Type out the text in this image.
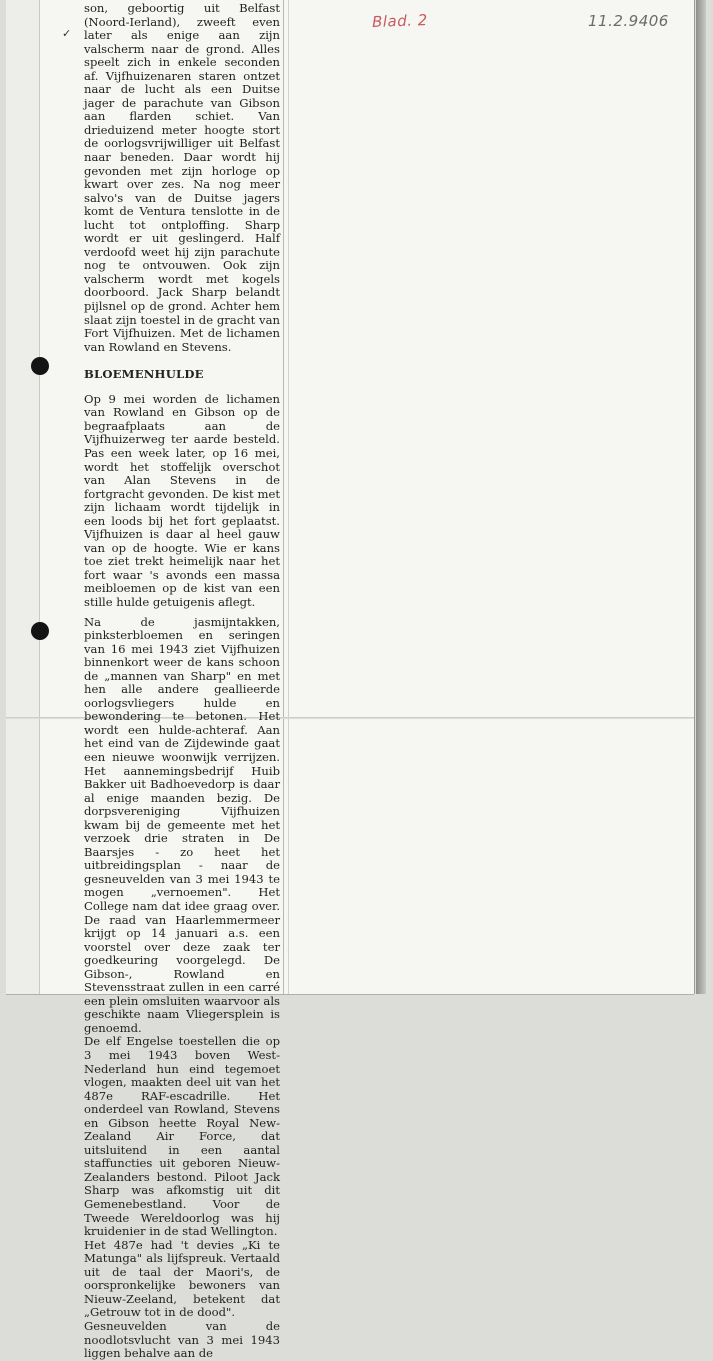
✓
Blad. 2	11.2.9406

son, geboortig uit Belfast (Noord-Ierland), zweeft even later als enige aan zijn valscherm naar de grond. Alles speelt zich in enkele seconden af. Vijfhuizenaren staren ontzet naar de lucht als een Duitse jager de parachute van Gibson aan flarden schiet. Van drieduizend meter hoogte stort de oorlogsvrijwilliger uit Belfast naar beneden. Daar wordt hij gevonden met zijn horloge op kwart over zes. Na nog meer salvo's van de Duitse jagers komt de Ventura tenslotte in de lucht tot ontploffing. Sharp wordt er uit geslingerd. Half verdoofd weet hij zijn parachute nog te ontvouwen. Ook zijn valscherm wordt met kogels doorboord. Jack Sharp belandt pijlsnel op de grond. Achter hem slaat zijn toestel in de gracht van Fort Vijfhuizen. Met de lichamen van Rowland en Stevens.

BLOEMENHULDE

Op 9 mei worden de lichamen van Rowland en Gibson op de begraafplaats aan de Vijfhuizerweg ter aarde besteld. Pas een week later, op 16 mei, wordt het stoffelijk overschot van Alan Stevens in de fortgracht gevonden. De kist met zijn lichaam wordt tijdelijk in een loods bij het fort geplaatst. Vijfhuizen is daar al heel gauw van op de hoogte. Wie er kans toe ziet trekt heimelijk naar het fort waar 's avonds een massa meibloemen op de kist van een stille hulde getuigenis aflegt.

Na de jasmijntakken, pinksterbloemen en seringen van 16 mei 1943 ziet Vijfhuizen binnenkort weer de kans schoon de „mannen van Sharp" en met hen alle andere geallieerde oorlogsvliegers hulde en bewondering te betonen. Het wordt een hulde-achteraf. Aan het eind van de Zijdewinde gaat een nieuwe woonwijk verrijzen. Het aannemingsbedrijf Huib Bakker uit Badhoevedorp is daar al enige maanden bezig. De dorpsvereniging Vijfhuizen kwam bij de gemeente met het verzoek drie straten in De Baarsjes - zo heet het uitbreidingsplan - naar de gesneuvelden van 3 mei 1943 te mogen „vernoemen". Het College nam dat idee graag over. De raad van Haarlemmermeer krijgt op 14 januari a.s. een voorstel over deze zaak ter goedkeuring voorgelegd. De Gibson-, Rowland en Stevensstraat zullen in een carré een plein omsluiten waarvoor als geschikte naam Vliegersplein is genoemd.

De elf Engelse toestellen die op 3 mei 1943 boven West-Nederland hun eind tegemoet vlogen, maakten deel uit van het 487e RAF-escadrille. Het onderdeel van Rowland, Stevens en Gibson heette Royal New-Zealand Air Force, dat uitsluitend in een aantal staffuncties uit geboren Nieuw-Zealanders bestond. Piloot Jack Sharp was afkomstig uit dit Gemenebestland. Voor de Tweede Wereldoorlog was hij kruidenier in de stad Wellington.

Het 487e had 't devies „Ki te Matunga" als lijfspreuk. Vertaald uit de taal der Maori's, de oorspronkelijke bewoners van Nieuw-Zeeland, betekent dat „Getrouw tot in de dood".

Gesneuvelden van de noodlotsvlucht van 3 mei 1943 liggen behalve aan de
